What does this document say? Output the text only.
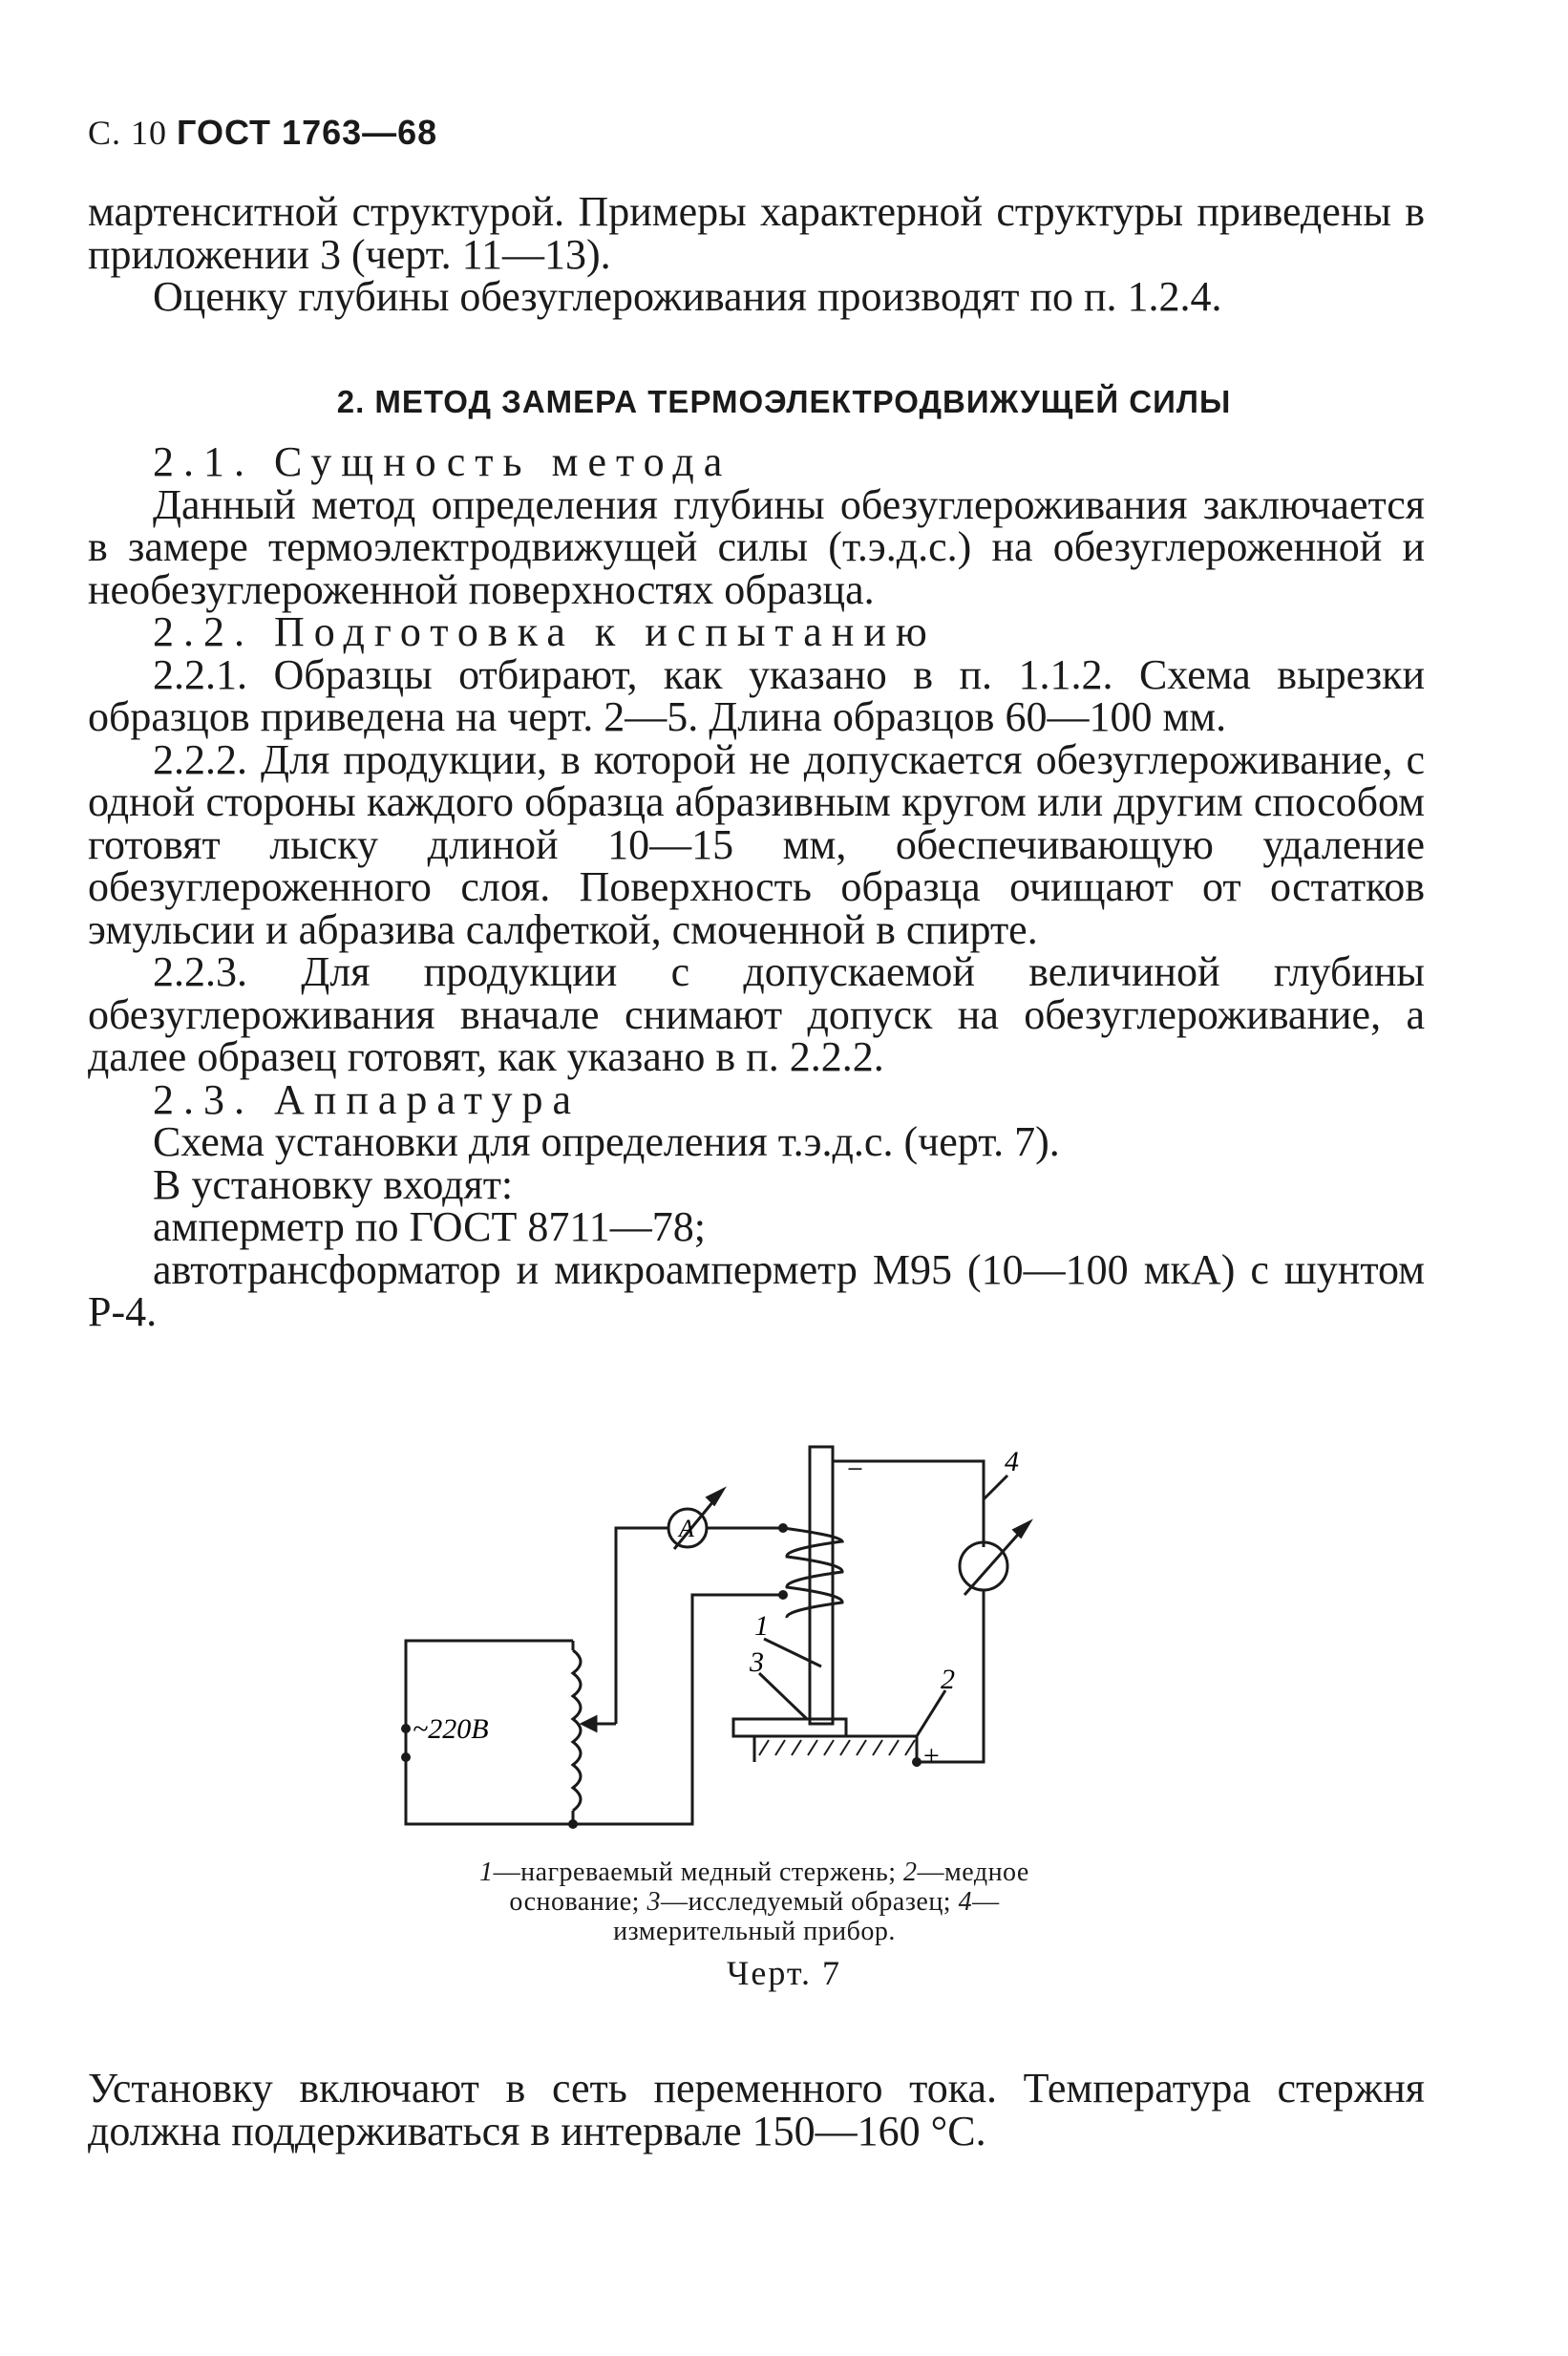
С. 10 ГОСТ 1763—68

мартенситной структурой. Примеры характерной структуры приведены в приложении 3 (черт. 11—13).

Оценку глубины обезуглероживания производят по п. 1.2.4.

2. МЕТОД ЗАМЕРА ТЕРМОЭЛЕКТРОДВИЖУЩЕЙ СИЛЫ

2.1. Сущность метода

Данный метод определения глубины обезуглероживания заключается в замере термоэлектродвижущей силы (т.э.д.с.) на обезуглероженной и необезуглероженной поверхностях образца.

2.2. Подготовка к испытанию

2.2.1. Образцы отбирают, как указано в п. 1.1.2. Схема вырезки образцов приведена на черт. 2—5. Длина образцов 60—100 мм.

2.2.2. Для продукции, в которой не допускается обезуглероживание, с одной стороны каждого образца абразивным кругом или другим способом готовят лыску длиной 10—15 мм, обеспечивающую удаление обезуглероженного слоя. Поверхность образца очищают от остатков эмульсии и абразива салфеткой, смоченной в спирте.

2.2.3. Для продукции с допускаемой величиной глубины обезуглероживания вначале снимают допуск на обезуглероживание, а далее образец готовят, как указано в п. 2.2.2.

2.3. Аппаратура

Схема установки для определения т.э.д.с. (черт. 7).

В установку входят:

амперметр по ГОСТ 8711—78;

автотрансформатор и микроамперметр М95 (10—100 мкА) с шунтом Р-4.

A
~220В
−
+
1
3
2
4
1—нагреваемый медный стержень; 2—медное основание; 3—исследуемый образец; 4—измерительный прибор.
Черт. 7

Установку включают в сеть переменного тока. Температура стержня должна поддерживаться в интервале 150—160 °С.
